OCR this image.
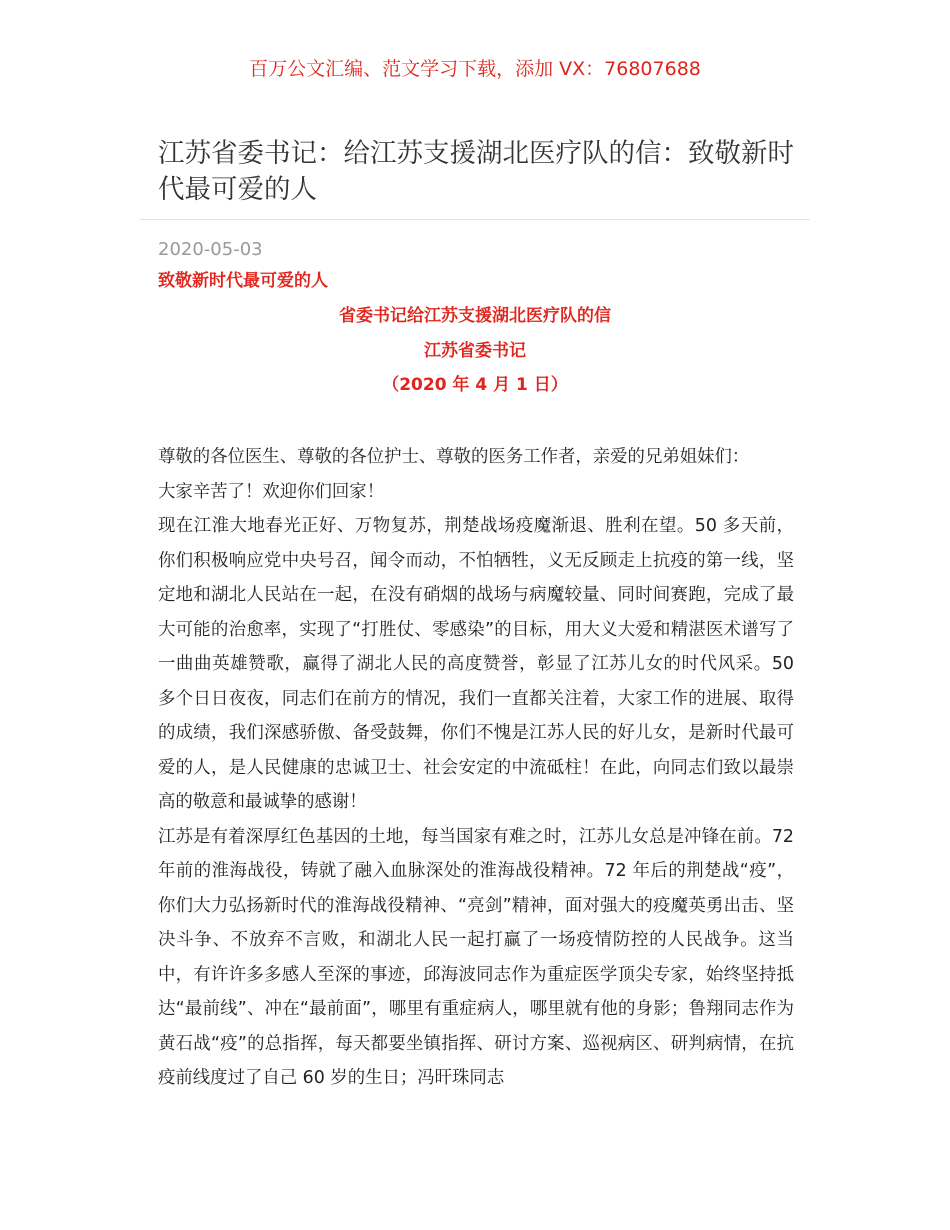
百万公文汇编、范文学习下载，添加 VX：76807688
江苏省委书记：给江苏支援湖北医疗队的信：致敬新时代最可爱的人
2020-05-03
致敬新时代最可爱的人
省委书记给江苏支援湖北医疗队的信
江苏省委书记
（2020 年 4 月 1 日）

尊敬的各位医生、尊敬的各位护士、尊敬的医务工作者，亲爱的兄弟姐妹们：

大家辛苦了！欢迎你们回家！

现在江淮大地春光正好、万物复苏，荆楚战场疫魔渐退、胜利在望。50 多天前，你们积极响应党中央号召，闻令而动，不怕牺牲，义无反顾走上抗疫的第一线，坚定地和湖北人民站在一起，在没有硝烟的战场与病魔较量、同时间赛跑，完成了最大可能的治愈率，实现了“打胜仗、零感染”的目标，用大义大爱和精湛医术谱写了一曲曲英雄赞歌，赢得了湖北人民的高度赞誉，彰显了江苏儿女的时代风采。50 多个日日夜夜，同志们在前方的情况，我们一直都关注着，大家工作的进展、取得的成绩，我们深感骄傲、备受鼓舞，你们不愧是江苏人民的好儿女，是新时代最可爱的人，是人民健康的忠诚卫士、社会安定的中流砥柱！在此，向同志们致以最崇高的敬意和最诚挚的感谢！

江苏是有着深厚红色基因的土地，每当国家有难之时，江苏儿女总是冲锋在前。72 年前的淮海战役，铸就了融入血脉深处的淮海战役精神。72 年后的荆楚战“疫”，你们大力弘扬新时代的淮海战役精神、“亮剑”精神，面对强大的疫魔英勇出击、坚决斗争、不放弃不言败，和湖北人民一起打赢了一场疫情防控的人民战争。这当中，有许许多多感人至深的事迹，邱海波同志作为重症医学顶尖专家，始终坚持抵达“最前线”、冲在“最前面”，哪里有重症病人，哪里就有他的身影；鲁翔同志作为黄石战“疫”的总指挥，每天都要坐镇指挥、研讨方案、巡视病区、研判病情，在抗疫前线度过了自己 60 岁的生日；冯旰珠同志
